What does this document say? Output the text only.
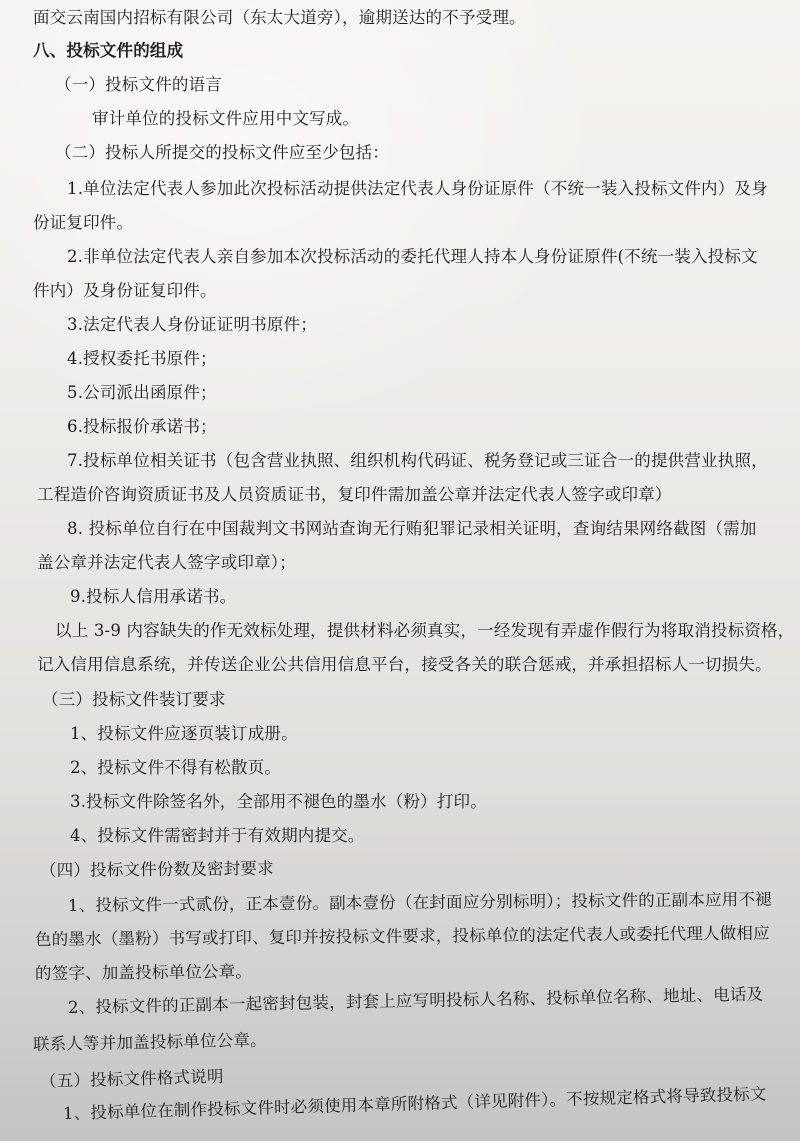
面交云南国内招标有限公司（东太大道旁），逾期送达的不予受理。
八、投标文件的组成
（一）投标文件的语言
审计单位的投标文件应用中文写成。
（二）投标人所提交的投标文件应至少包括：
1.单位法定代表人参加此次投标活动提供法定代表人身份证原件（不统一装入投标文件内）及身
份证复印件。
2.非单位法定代表人亲自参加本次投标活动的委托代理人持本人身份证原件(不统一装入投标文
件内）及身份证复印件。
3.法定代表人身份证证明书原件；
4.授权委托书原件；
5.公司派出函原件；
6.投标报价承诺书；
7.投标单位相关证书（包含营业执照、组织机构代码证、税务登记或三证合一的提供营业执照，
工程造价咨询资质证书及人员资质证书，复印件需加盖公章并法定代表人签字或印章）
8. 投标单位自行在中国裁判文书网站查询无行贿犯罪记录相关证明，查询结果网络截图（需加
盖公章并法定代表人签字或印章）；
9.投标人信用承诺书。
以上 3-9 内容缺失的作无效标处理，提供材料必须真实，一经发现有弄虚作假行为将取消投标资格，
记入信用信息系统，并传送企业公共信用信息平台，接受各关的联合惩戒，并承担招标人一切损失。
（三）投标文件装订要求
1、投标文件应逐页装订成册。
2、投标文件不得有松散页。
3.投标文件除签名外，全部用不褪色的墨水（粉）打印。
4、投标文件需密封并于有效期内提交。
（四）投标文件份数及密封要求
1、投标文件一式贰份，正本壹份。副本壹份（在封面应分别标明）；投标文件的正副本应用不褪
色的墨水（墨粉）书写或打印、复印并按投标文件要求，投标单位的法定代表人或委托代理人做相应
的签字、加盖投标单位公章。
2、投标文件的正副本一起密封包装，封套上应写明投标人名称、投标单位名称、地址、电话及
联系人等并加盖投标单位公章。
（五）投标文件格式说明
1、投标单位在制作投标文件时必须使用本章所附格式（详见附件）。不按规定格式将导致投标文
